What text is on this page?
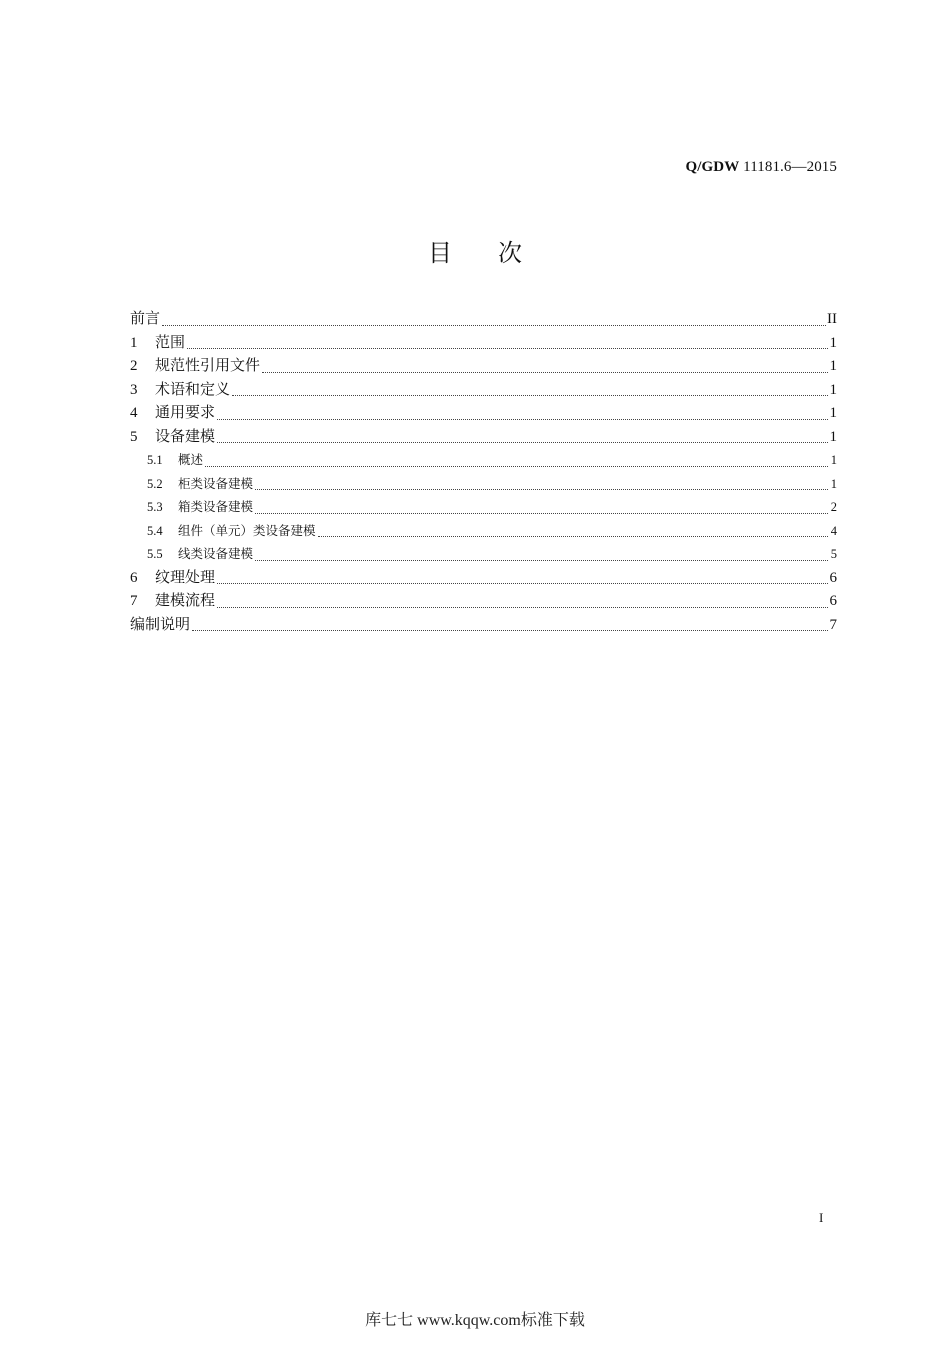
Q/GDW 11181.6—2015
目 次
前言	II
1	范围	1
2	规范性引用文件	1
3	术语和定义	1
4	通用要求	1
5	设备建模	1
5.1	概述	1
5.2	柜类设备建模	1
5.3	箱类设备建模	2
5.4	组件（单元）类设备建模	4
5.5	线类设备建模	5
6	纹理处理	6
7	建模流程	6
编制说明	7
I
库七七 www.kqqw.com标准下载
